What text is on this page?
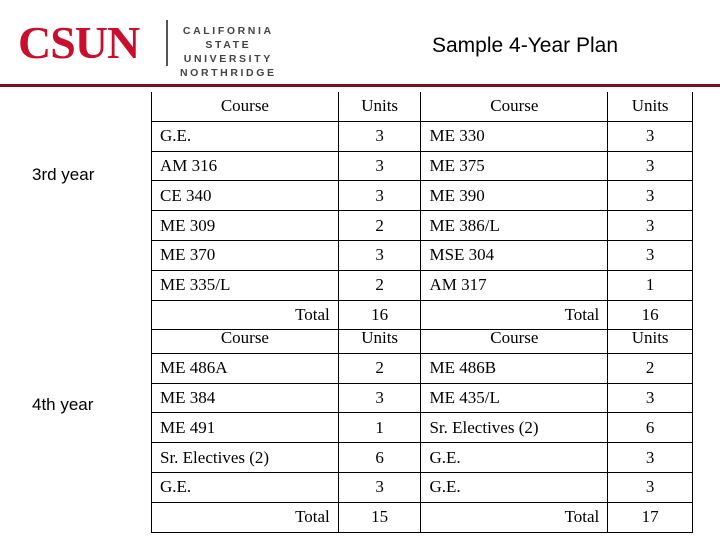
CSUN	CALIFORNIA
STATE UNIVERSITY
NORTHRIDGE
Sample 4-Year Plan
3rd year
4th year
Course	Units	Course	Units
G.E.	3	ME 330	3
AM 316	3	ME 375	3
CE 340	3	ME 390	3
ME 309	2	ME 386/L	3
ME 370	3	MSE 304	3
ME 335/L	2	AM 317	1
Total	16	Total	16
Course	Units	Course	Units
ME 486A	2	ME 486B	2
ME 384	3	ME 435/L	3
ME 491	1	Sr. Electives (2)	6
Sr. Electives (2)	6	G.E.	3
G.E.	3	G.E.	3
Total	15	Total	17
